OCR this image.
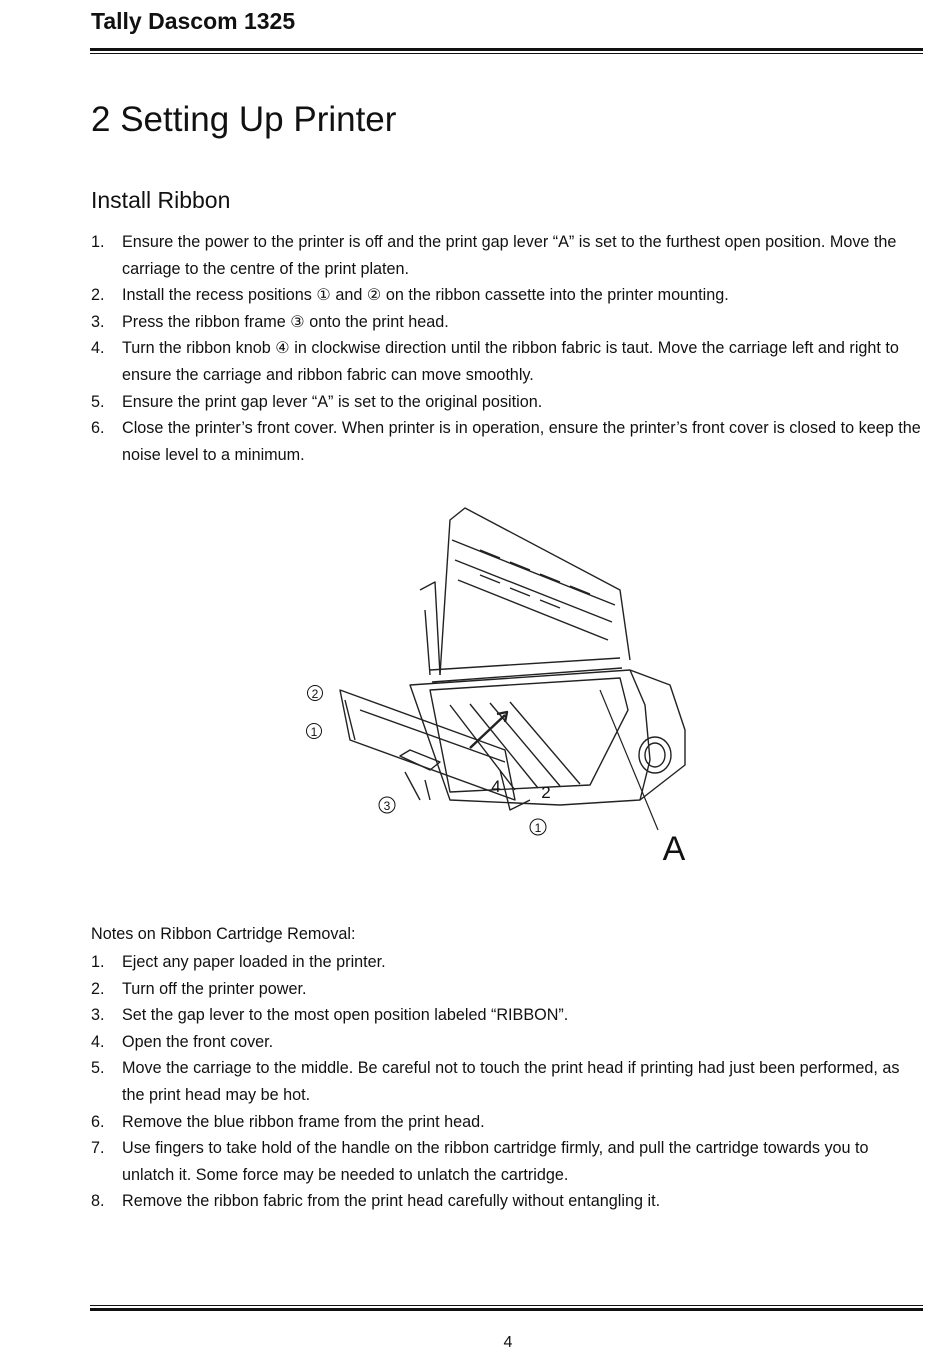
Tally Dascom 1325
2 Setting Up Printer
Install Ribbon
1. Ensure the power to the printer is off and the print gap lever “A” is set to the furthest open position. Move the carriage to the centre of the print platen.
2. Install the recess positions ① and ② on the ribbon cassette into the printer mounting.
3. Press the ribbon frame ③ onto the print head.
4. Turn the ribbon knob ④ in clockwise direction until the ribbon fabric is taut. Move the carriage left and right to ensure the carriage and ribbon fabric can move smoothly.
5. Ensure the print gap lever “A” is set to the original position.
6. Close the printer’s front cover. When printer is in operation, ensure the printer’s front cover is closed to keep the noise level to a minimum.
2
1
3
4 2
1
A
Notes on Ribbon Cartridge Removal:
1. Eject any paper loaded in the printer.
2. Turn off the printer power.
3. Set the gap lever to the most open position labeled “RIBBON”.
4. Open the front cover.
5. Move the carriage to the middle. Be careful not to touch the print head if printing had just been performed, as the print head may be hot.
6. Remove the blue ribbon frame from the print head.
7. Use fingers to take hold of the handle on the ribbon cartridge firmly, and pull the cartridge towards you to unlatch it. Some force may be needed to unlatch the cartridge.
8. Remove the ribbon fabric from the print head carefully without entangling it.
4
